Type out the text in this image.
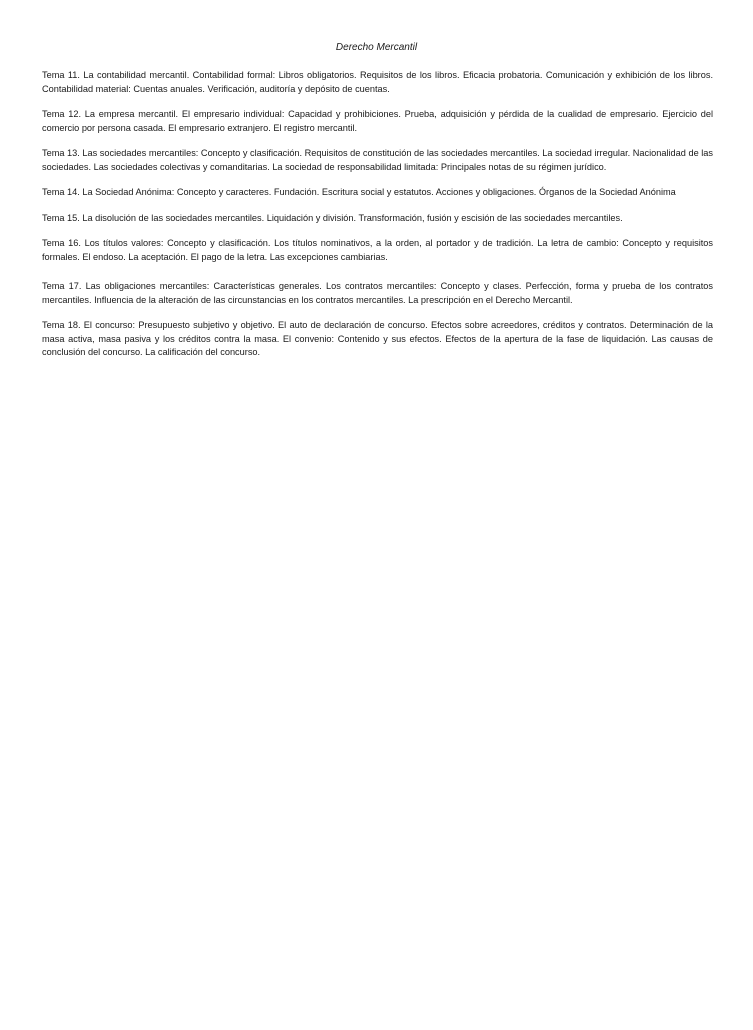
Derecho Mercantil

Tema 11. La contabilidad mercantil. Contabilidad formal: Libros obligatorios. Requisitos de los libros. Eficacia probatoria. Comunicación y exhibición de los libros. Contabilidad material: Cuentas anuales. Verificación, auditoría y depósito de cuentas.

Tema 12. La empresa mercantil. El empresario individual: Capacidad y prohibiciones. Prueba, adquisición y pérdida de la cualidad de empresario. Ejercicio del comercio por persona casada. El empresario extranjero. El registro mercantil.

Tema 13. Las sociedades mercantiles: Concepto y clasificación. Requisitos de constitución de las sociedades mercantiles. La sociedad irregular. Nacionalidad de las sociedades. Las sociedades colectivas y comanditarias. La sociedad de responsabilidad limitada: Principales notas de su régimen jurídico.

Tema 14. La Sociedad Anónima: Concepto y caracteres. Fundación. Escritura social y estatutos. Acciones y obligaciones. Órganos de la Sociedad Anónima

Tema 15. La disolución de las sociedades mercantiles. Liquidación y división. Transformación, fusión y escisión de las sociedades mercantiles.

Tema 16. Los títulos valores: Concepto y clasificación. Los títulos nominativos, a la orden, al portador y de tradición. La letra de cambio: Concepto y requisitos formales. El endoso. La aceptación. El pago de la letra. Las excepciones cambiarias.

Tema 17. Las obligaciones mercantiles: Características generales. Los contratos mercantiles: Concepto y clases. Perfección, forma y prueba de los contratos mercantiles. Influencia de la alteración de las circunstancias en los contratos mercantiles. La prescripción en el Derecho Mercantil.

Tema 18. El concurso: Presupuesto subjetivo y objetivo. El auto de declaración de concurso. Efectos sobre acreedores, créditos y contratos. Determinación de la masa activa, masa pasiva y los créditos contra la masa. El convenio: Contenido y sus efectos. Efectos de la apertura de la fase de liquidación. Las causas de conclusión del concurso. La calificación del concurso.
